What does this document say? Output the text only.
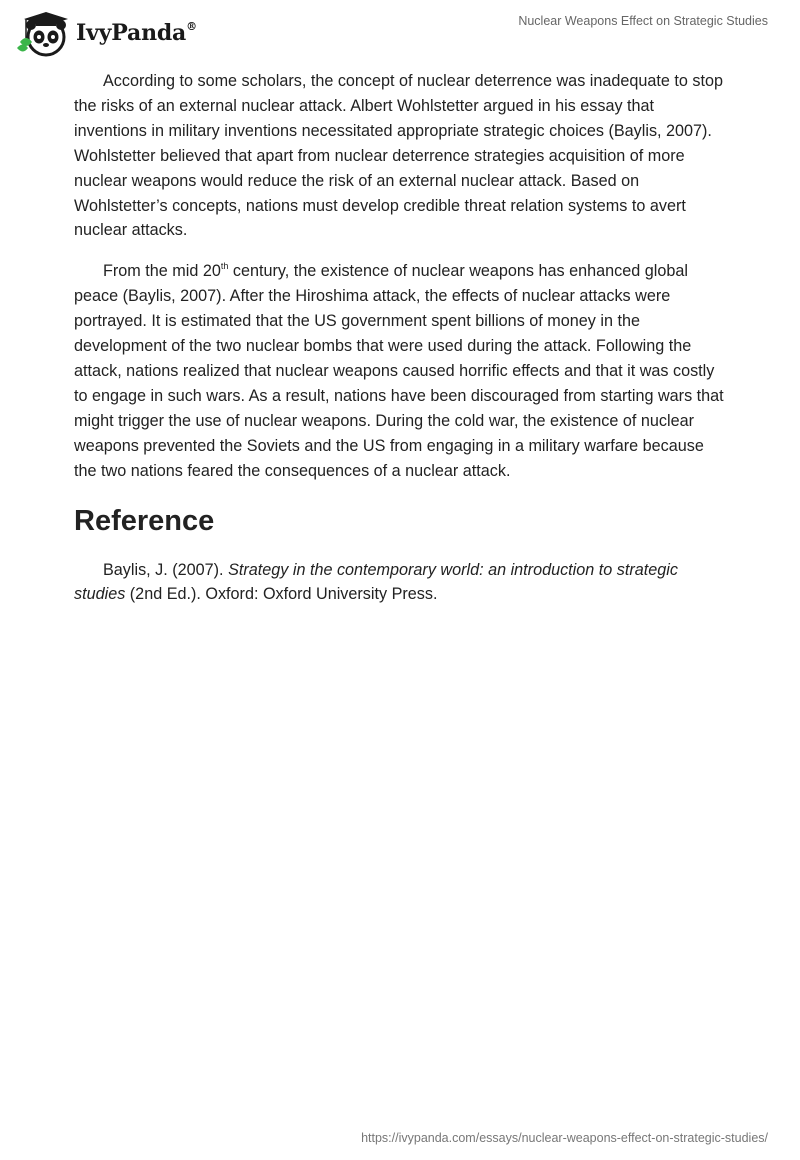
IvyPanda®	Nuclear Weapons Effect on Strategic Studies

According to some scholars, the concept of nuclear deterrence was inadequate to stop the risks of an external nuclear attack. Albert Wohlstetter argued in his essay that inventions in military inventions necessitated appropriate strategic choices (Baylis, 2007). Wohlstetter believed that apart from nuclear deterrence strategies acquisition of more nuclear weapons would reduce the risk of an external nuclear attack. Based on Wohlstetter’s concepts, nations must develop credible threat relation systems to avert nuclear attacks.

From the mid 20th century, the existence of nuclear weapons has enhanced global peace (Baylis, 2007). After the Hiroshima attack, the effects of nuclear attacks were portrayed. It is estimated that the US government spent billions of money in the development of the two nuclear bombs that were used during the attack. Following the attack, nations realized that nuclear weapons caused horrific effects and that it was costly to engage in such wars. As a result, nations have been discouraged from starting wars that might trigger the use of nuclear weapons. During the cold war, the existence of nuclear weapons prevented the Soviets and the US from engaging in a military warfare because the two nations feared the consequences of a nuclear attack.

Reference

Baylis, J. (2007). Strategy in the contemporary world: an introduction to strategic studies (2nd Ed.). Oxford: Oxford University Press.

https://ivypanda.com/essays/nuclear-weapons-effect-on-strategic-studies/
